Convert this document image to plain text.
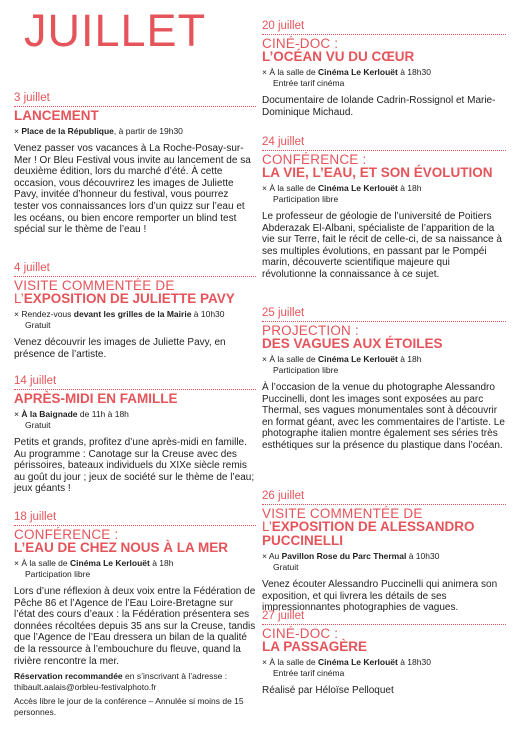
JUILLET
3 juillet
LANCEMENT
× Place de la République, à partir de 19h30
Venez passer vos vacances à La Roche-Posay-sur-Mer ! Or Bleu Festival vous invite au lancement de sa deuxième édition, lors du marché d’été. À cette occasion, vous découvrirez les images de Juliette Pavy, invitée d’honneur du festival, vous pourrez tester vos connaissances lors d’un quizz sur l’eau et les océans, ou bien encore remporter un blind test spécial sur le thème de l’eau !
4 juillet
VISITE COMMENTÉE DE
L’EXPOSITION DE JULIETTE PAVY
× Rendez-vous devant les grilles de la Mairie à 10h30
Gratuit
Venez découvrir les images de Juliette Pavy, en présence de l’artiste.
14 juillet
APRÈS-MIDI EN FAMILLE
× À la Baignade de 11h à 18h
Gratuit
Petits et grands, profitez d’une après-midi en famille. Au programme : Canotage sur la Creuse avec des périssoires, bateaux individuels du XIXe siècle remis au goût du jour ; jeux de société sur le thème de l’eau; jeux géants !
18 juillet
CONFÉRENCE :
L’EAU DE CHEZ NOUS À LA MER
× À la salle de Cinéma Le Kerlouët à 18h
Participation libre
Lors d’une réflexion à deux voix entre la Fédération de Pêche 86 et l’Agence de l’Eau Loire-Bretagne sur l’état des cours d’eaux : la Fédération présentera ses données récoltées depuis 35 ans sur la Creuse, tandis que l’Agence de l’Eau dressera un bilan de la qualité de la ressource à l’embouchure du fleuve, quand la rivière rencontre la mer.
Réservation recommandée en s’inscrivant à l’adresse : thibault.aalais@orbleu-festivalphoto.fr
Accès libre le jour de la conférence – Annulée si moins de 15 personnes.
20 juillet
CINÉ-DOC :
L’OCÉAN VU DU CŒUR
× À la salle de Cinéma Le Kerlouët à 18h30
Entrée tarif cinéma
Documentaire de Iolande Cadrin-Rossignol et Marie-Dominique Michaud.
24 juillet
CONFÉRENCE :
LA VIE, L’EAU, ET SON ÉVOLUTION
× À la salle de Cinéma Le Kerlouët à 18h
Participation libre
Le professeur de géologie de l’université de Poitiers Abderazak El-Albani, spécialiste de l’apparition de la vie sur Terre, fait le récit de celle-ci, de sa naissance à ses multiples évolutions, en passant par le Pompéi marin, découverte scientifique majeure qui révolutionne la connaissance à ce sujet.
25 juillet
PROJECTION :
DES VAGUES AUX ÉTOILES
× À la salle de Cinéma Le Kerlouët à 18h
Participation libre
À l’occasion de la venue du photographe Alessandro Puccinelli, dont les images sont exposées au parc Thermal, ses vagues monumentales sont à découvrir en format géant, avec les commentaires de l’artiste. Le photographe italien montre également ses séries très esthétiques sur la présence du plastique dans l’océan.
26 juillet
VISITE COMMENTÉE DE
L’EXPOSITION DE ALESSANDRO PUCCINELLI
× Au Pavillon Rose du Parc Thermal à 10h30
Gratuit
Venez écouter Alessandro Puccinelli qui animera son exposition, et qui livrera les détails de ses impressionnantes photographies de vagues.
27 juillet
CINÉ-DOC :
LA PASSAGÈRE
× À la salle de Cinéma Le Kerlouët à 18h30
Entrée tarif cinéma
Réalisé par Héloïse Pelloquet
